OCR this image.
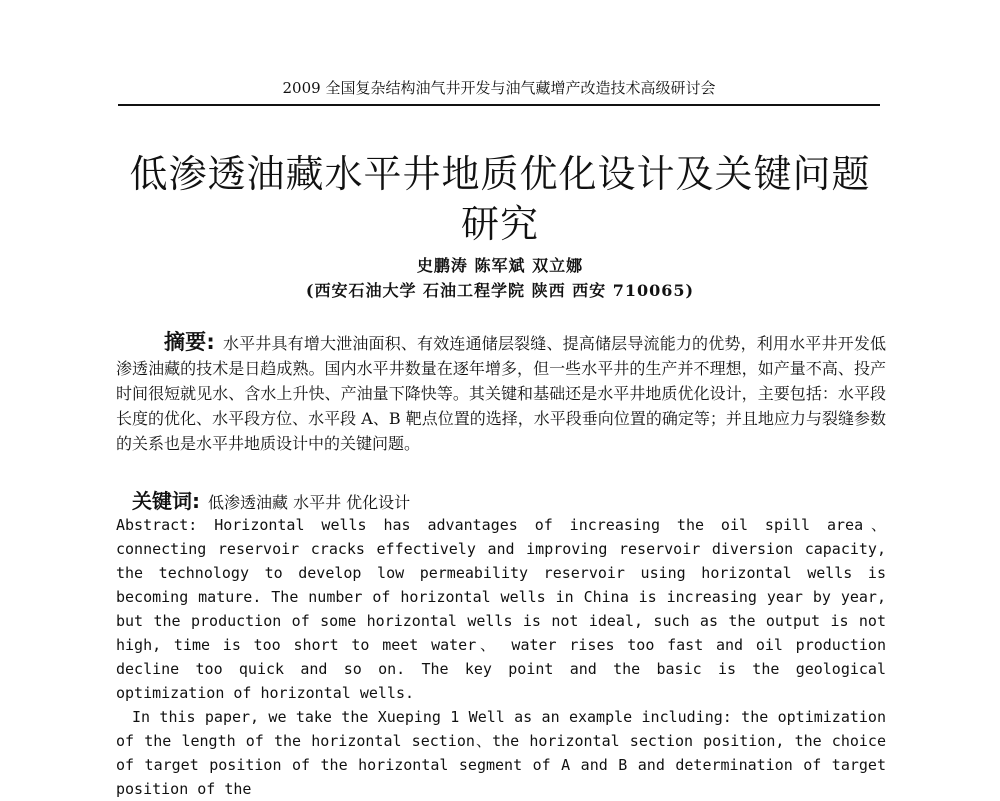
2009 全国复杂结构油气井开发与油气藏增产改造技术高级研讨会
低渗透油藏水平井地质优化设计及关键问题
研究
史鹏涛 陈军斌 双立娜
(西安石油大学 石油工程学院 陕西 西安 710065)
摘要: 水平井具有增大泄油面积、有效连通储层裂缝、提高储层导流能力的优势，利用水平井开发低渗透油藏的技术是日趋成熟。国内水平井数量在逐年增多，但一些水平井的生产并不理想，如产量不高、投产时间很短就见水、含水上升快、产油量下降快等。其关键和基础还是水平井地质优化设计，主要包括：水平段长度的优化、水平段方位、水平段 A、B 靶点位置的选择，水平段垂向位置的确定等；并且地应力与裂缝参数的关系也是水平井地质设计中的关键问题。
关键词: 低渗透油藏 水平井 优化设计

Abstract: Horizontal wells has advantages of increasing the oil spill area、connecting reservoir cracks effectively and improving reservoir diversion capacity, the technology to develop low permeability reservoir using horizontal wells is becoming mature. The number of horizontal wells in China is increasing year by year, but the production of some horizontal wells is not ideal, such as the output is not high, time is too short to meet water、 water rises too fast and oil production decline too quick and so on. The key point and the basic is the geological optimization of horizontal wells.

In this paper, we take the Xueping 1 Well as an example including: the optimization of the length of the horizontal section、the horizontal section position, the choice of target position of the horizontal segment of A and B and determination of target position of the
